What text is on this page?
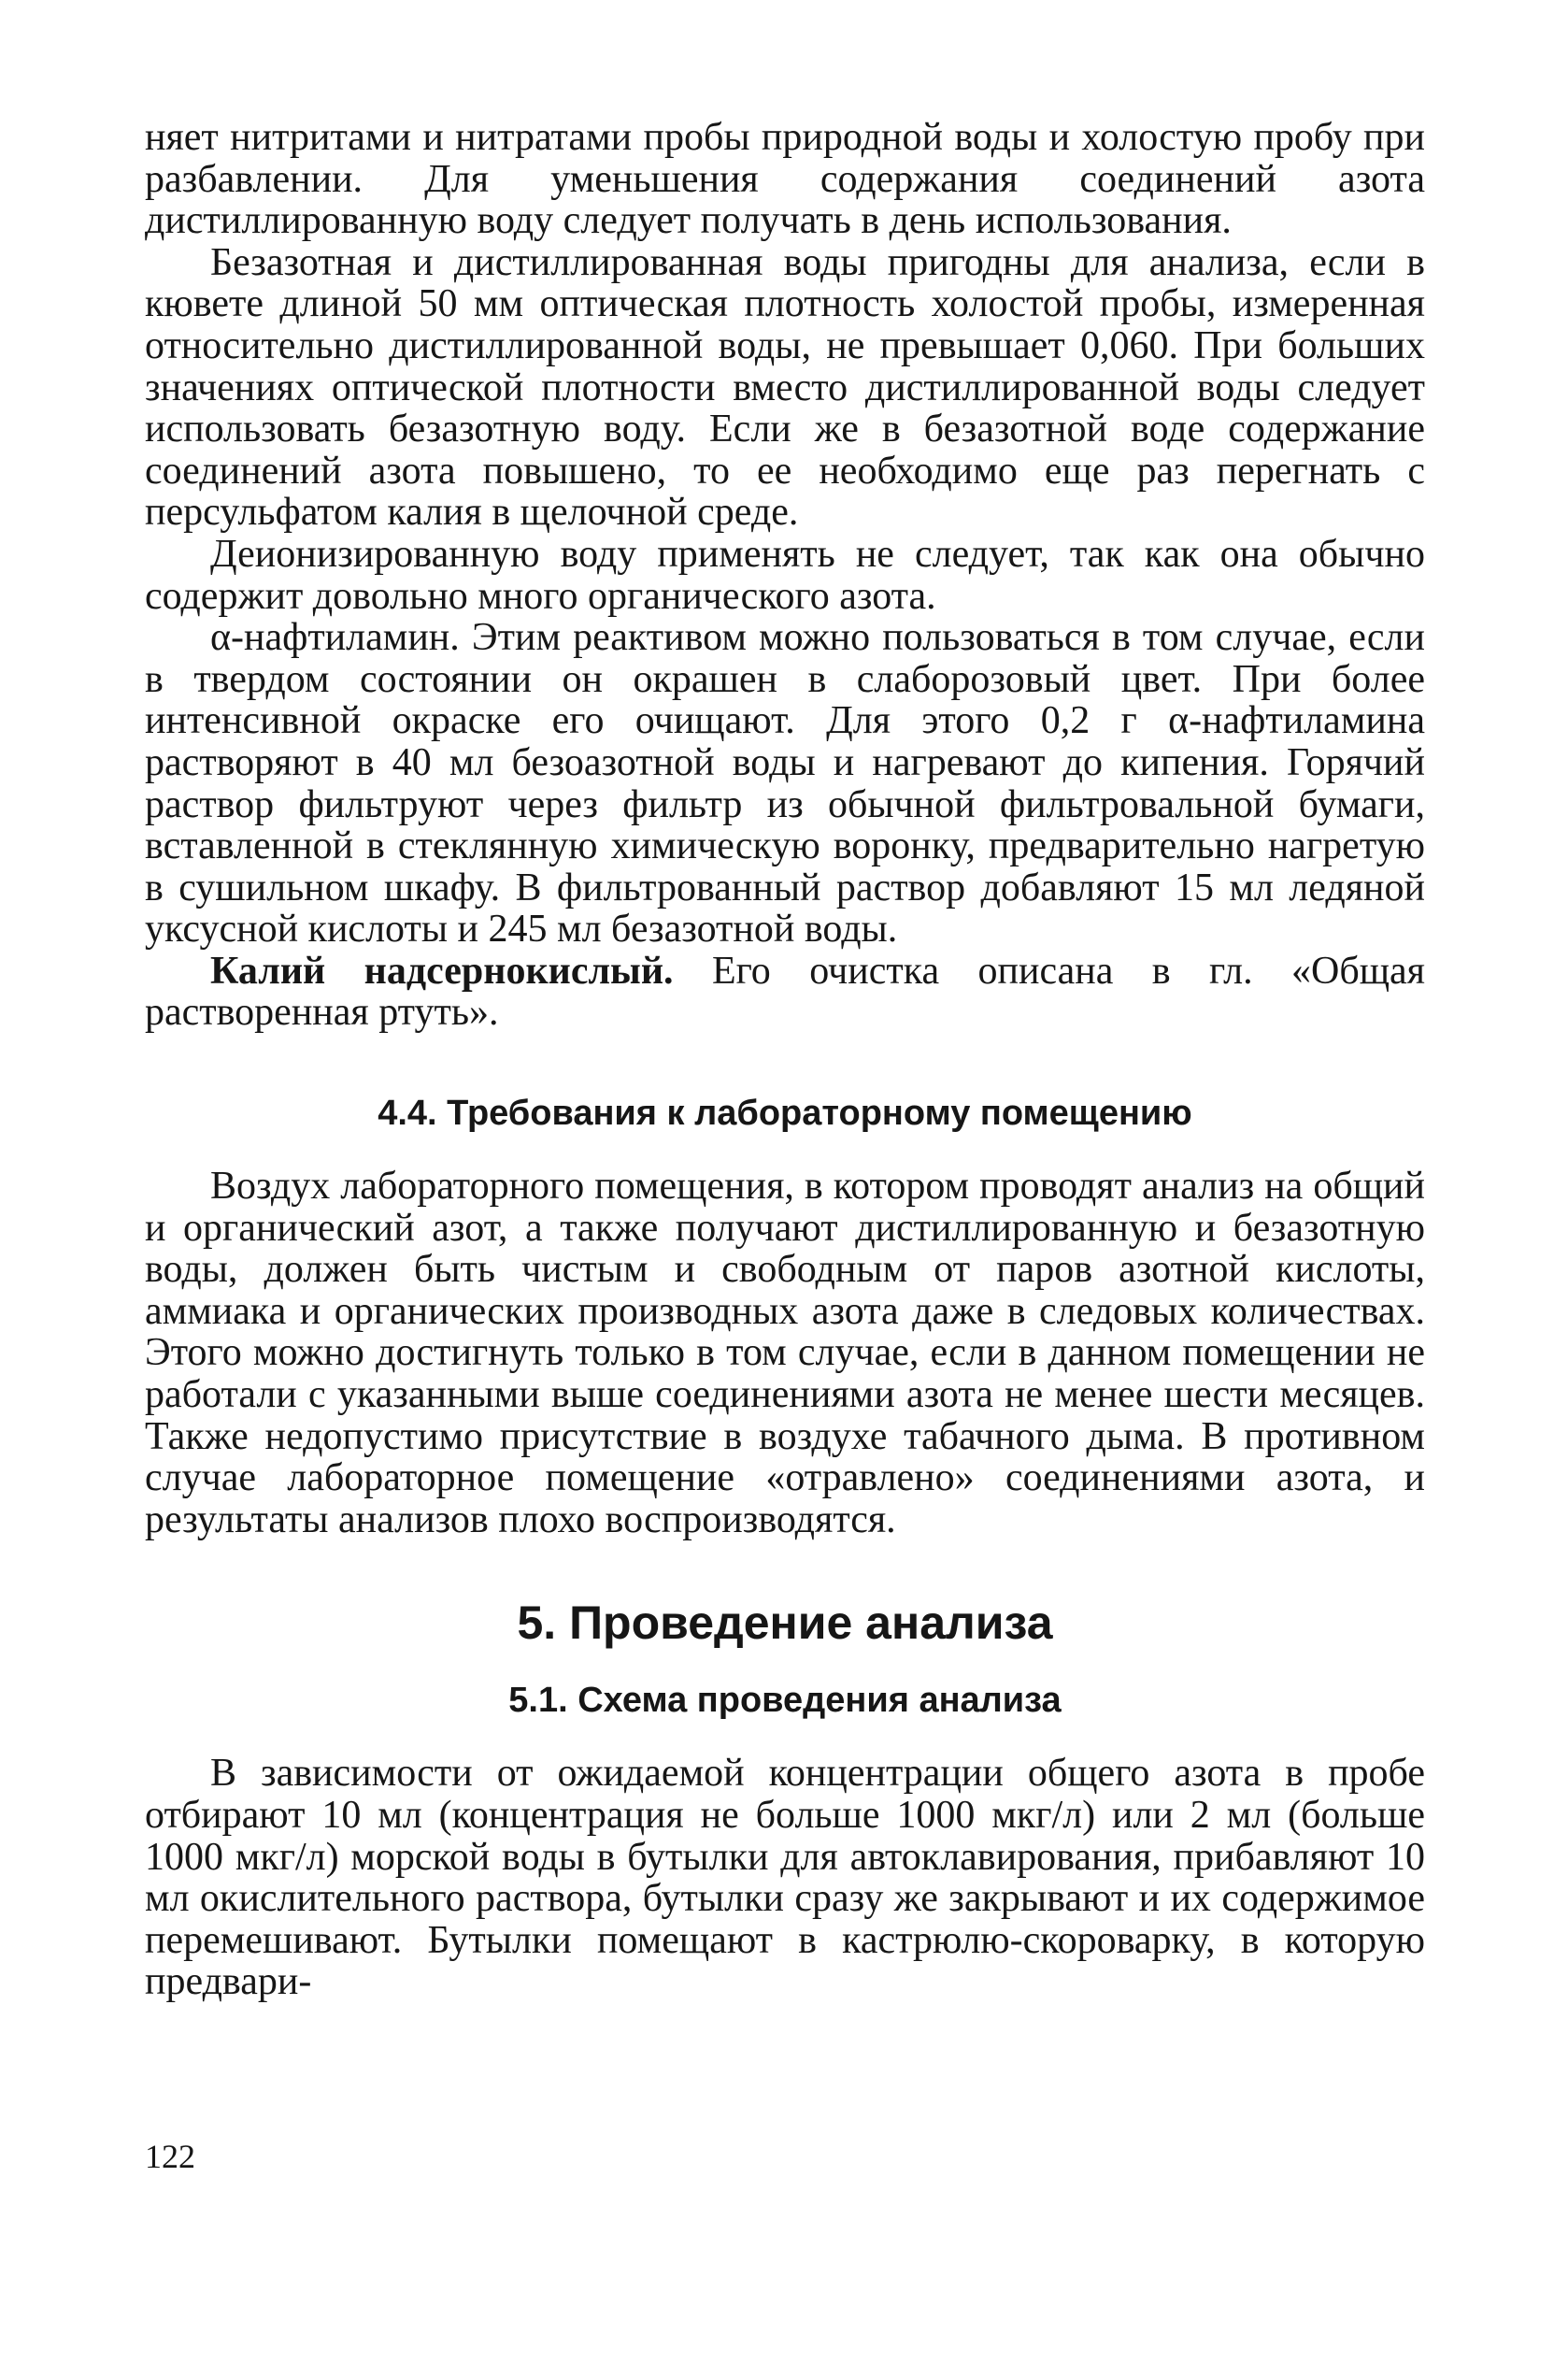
няет нитритами и нитратами пробы природной воды и холостую пробу при разбавлении. Для уменьшения содержания соединений азота дистиллированную воду следует получать в день использования.

Безазотная и дистиллированная воды пригодны для анализа, если в кювете длиной 50 мм оптическая плотность холостой пробы, измеренная относительно дистиллированной воды, не превышает 0,060. При больших значениях оптической плотности вместо дистиллированной воды следует использовать безазотную воду. Если же в безазотной воде содержание соединений азота повышено, то ее необходимо еще раз перегнать с персульфатом калия в щелочной среде.

Деионизированную воду применять не следует, так как она обычно содержит довольно много органического азота.

α-нафтиламин. Этим реактивом можно пользоваться в том случае, если в твердом состоянии он окрашен в слаборозовый цвет. При более интенсивной окраске его очищают. Для этого 0,2 г α-нафтиламина растворяют в 40 мл безоазотной воды и нагревают до кипения. Горячий раствор фильтруют через фильтр из обычной фильтровальной бумаги, вставленной в стеклянную химическую воронку, предварительно нагретую в сушильном шкафу. В фильтрованный раствор добавляют 15 мл ледяной уксусной кислоты и 245 мл безазотной воды.

Калий надсернокислый. Его очистка описана в гл. «Общая растворенная ртуть».

4.4. Требования к лабораторному помещению

Воздух лабораторного помещения, в котором проводят анализ на общий и органический азот, а также получают дистиллированную и безазотную воды, должен быть чистым и свободным от паров азотной кислоты, аммиака и органических производных азота даже в следовых количествах. Этого можно достигнуть только в том случае, если в данном помещении не работали с указанными выше соединениями азота не менее шести месяцев. Также недопустимо присутствие в воздухе табачного дыма. В противном случае лабораторное помещение «отравлено» соединениями азота, и результаты анализов плохо воспроизводятся.

5. Проведение анализа
5.1. Схема проведения анализа

В зависимости от ожидаемой концентрации общего азота в пробе отбирают 10 мл (концентрация не больше 1000 мкг/л) или 2 мл (больше 1000 мкг/л) морской воды в бутылки для автоклавирования, прибавляют 10 мл окислительного раствора, бутылки сразу же закрывают и их содержимое перемешивают. Бутылки помещают в кастрюлю-скороварку, в которую предвари-

122
